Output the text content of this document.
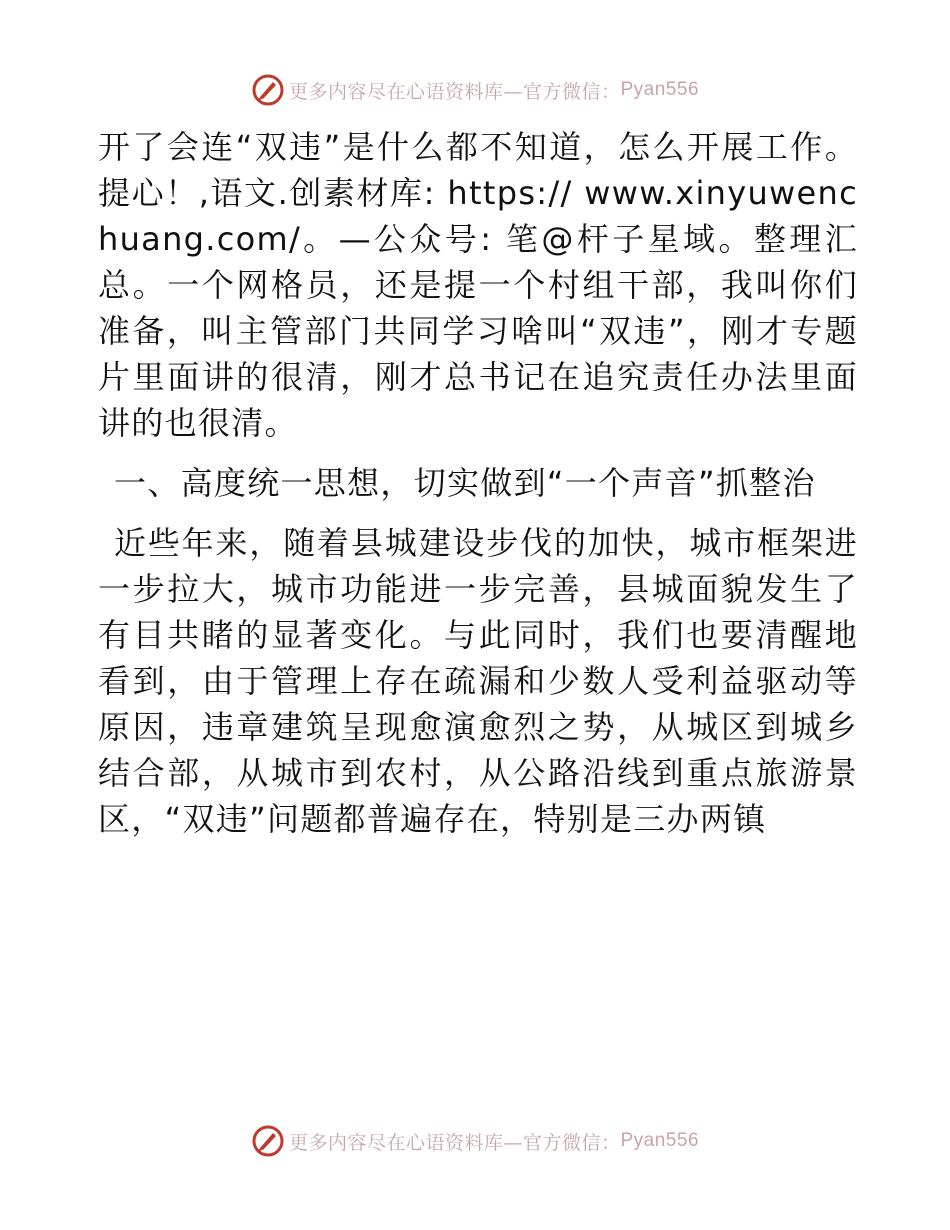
更多内容尽在心语资料库—官方微信： Pyan556

开了会连“双违”是什么都不知道，怎么开展工作。提心！,语文.创素材库: https:// www.xinyuwenchuang.com/。—公众号: 笔@杆子星域。整理汇总。一个网格员，还是提一个村组干部，我叫你们准备，叫主管部门共同学习啥叫“双违”，刚才专题片里面讲的很清，刚才总书记在追究责任办法里面讲的也很清。

一、高度统一思想，切实做到“一个声音”抓整治

近些年来，随着县城建设步伐的加快，城市框架进一步拉大，城市功能进一步完善，县城面貌发生了有目共睹的显著变化。与此同时，我们也要清醒地看到，由于管理上存在疏漏和少数人受利益驱动等原因，违章建筑呈现愈演愈烈之势，从城区到城乡结合部，从城市到农村，从公路沿线到重点旅游景区，“双违”问题都普遍存在，特别是三办两镇

更多内容尽在心语资料库—官方微信： Pyan556
